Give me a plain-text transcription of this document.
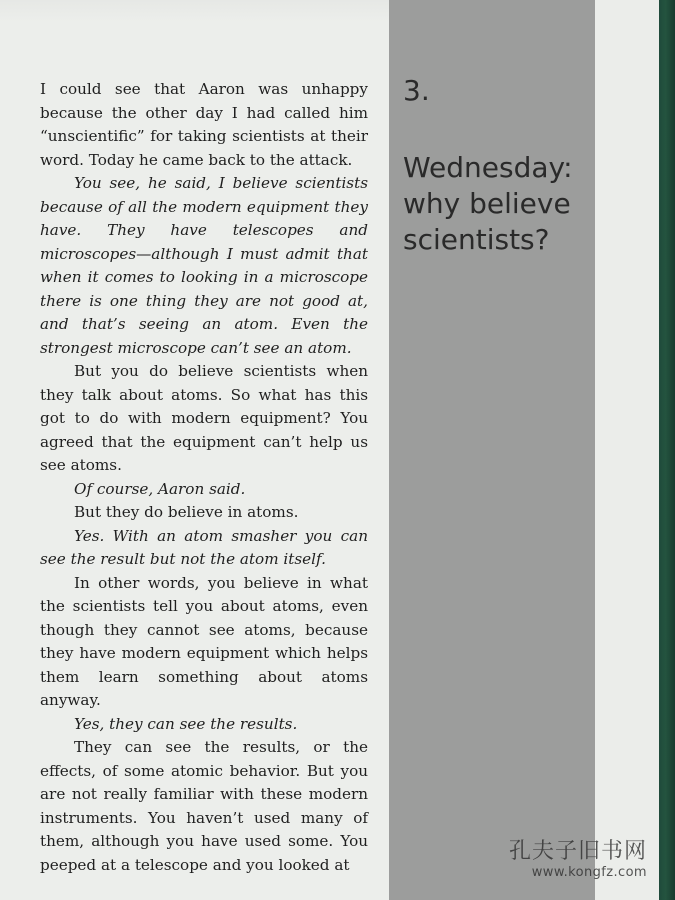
I could see that Aaron was unhappy because the other day I had called him “unscientific” for taking scientists at their word. Today he came back to the attack.

You see, he said, I believe scientists because of all the modern equipment they have. They have telescopes and microscopes—although I must admit that when it comes to looking in a microscope there is one thing they are not good at, and that’s seeing an atom. Even the strongest microscope can’t see an atom.

But you do believe scientists when they talk about atoms. So what has this got to do with modern equipment? You agreed that the equipment can’t help us see atoms.

Of course, Aaron said.

But they do believe in atoms.

Yes. With an atom smasher you can see the result but not the atom itself.

In other words, you believe in what the scientists tell you about atoms, even though they cannot see atoms, because they have modern equipment which helps them learn something about atoms anyway.

Yes, they can see the results.

They can see the results, or the effects, of some atomic behavior. But you are not really familiar with these modern instruments. You haven’t used many of them, although you have used some. You peeped at a telescope and you looked at

3.

Wednesday:
why believe
scientists?
孔夫子旧书网
www.kongfz.com
